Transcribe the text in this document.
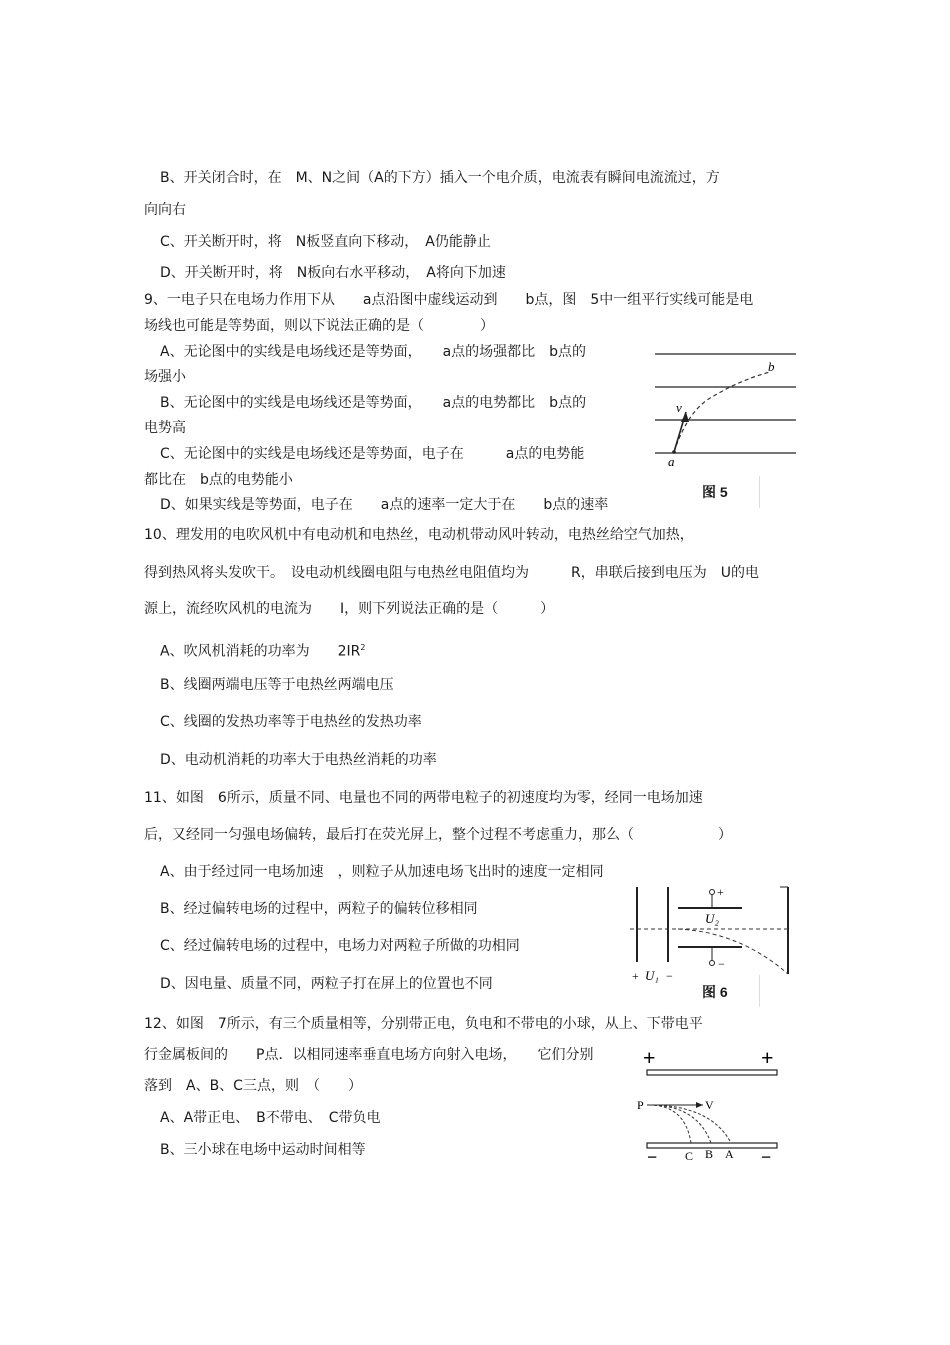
B、开关闭合时，在　M、N之间（A的下方）插入一个电介质，电流表有瞬间电流流过，方
向向右
C、开关断开时，将　N板竖直向下移动，　A仍能静止
D、开关断开时，将　N板向右水平移动，　A将向下加速
9、一电子只在电场力作用下从　　a点沿图中虚线运动到　　b点，图　5中一组平行实线可能是电
场线也可能是等势面，则以下说法正确的是（　　　　）
A、无论图中的实线是电场线还是等势面，　　a点的场强都比　b点的
场强小
B、无论图中的实线是电场线还是等势面，　　a点的电势都比　b点的
电势高
C、无论图中的实线是电场线还是等势面，电子在　　　a点的电势能
都比在　b点的电势能小
D、如果实线是等势面，电子在　　a点的速率一定大于在　　b点的速率
10、理发用的电吹风机中有电动机和电热丝，电动机带动风叶转动，电热丝给空气加热，
得到热风将头发吹干。　设电动机线圈电阻与电热丝电阻值均为　　　R，串联后接到电压为　U的电
源上，流经吹风机的电流为　　I，则下列说法正确的是（　　　）
A、吹风机消耗的功率为　　$2IR^2$
B、线圈两端电压等于电热丝两端电压
C、线圈的发热功率等于电热丝的发热功率
D、电动机消耗的功率大于电热丝消耗的功率
11、如图　6所示，质量不同、电量也不同的两带电粒子的初速度均为零，经同一电场加速
后，又经同一匀强电场偏转，最后打在荧光屏上，整个过程不考虑重力，那么（　　　　　　）
A、由于经过同一电场加速　，则粒子从加速电场飞出时的速度一定相同
B、经过偏转电场的过程中，两粒子的偏转位移相同
C、经过偏转电场的过程中，电场力对两粒子所做的功相同
D、因电量、质量不同，两粒子打在屏上的位置也不同
12、如图　7所示，有三个质量相等，分别带正电，负电和不带电的小球，从上、下带电平
行金属板间的　　P点．以相同速率垂直电场方向射入电场，　　它们分别
落到　A、B、C三点，则　（　　）
A、A带正电、　B不带电、　C带负电
B、三小球在电场中运动时间相等
b
v
a
图 5
+
U₂
−
+ U₁ −
图 6
+	+
P	V
− C B A −
